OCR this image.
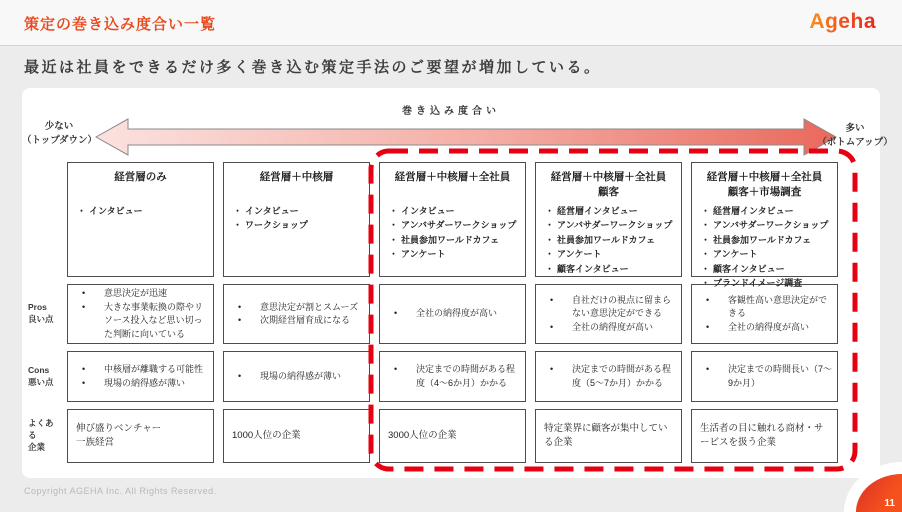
策定の巻き込み度合い一覧	Ageha
最近は社員をできるだけ多く巻き込む策定手法のご要望が増加している。
巻き込み度合い
少ない
（トップダウン）
多い
（ボトムアップ）
経営層のみ
・ インタビュー
経営層＋中核層
・ インタビュー
・ ワークショップ
経営層＋中核層＋全社員
・ インタビュー
・ アンバサダーワークショップ
・ 社員参加ワールドカフェ
・ アンケート
経営層＋中核層＋全社員
顧客
・ 経営層インタビュー
・ アンバサダーワークショップ
・ 社員参加ワールドカフェ
・ アンケート
・ 顧客インタビュー
経営層＋中核層＋全社員
顧客＋市場調査
・ 経営層インタビュー
・ アンバサダーワークショップ
・ 社員参加ワールドカフェ
・ アンケート
・ 顧客インタビュー
・ ブランドイメージ調査
Pros
良い点
• 意思決定が迅速
• 大きな事業転換の際やリソース投入など思い切った判断に向いている
• 意思決定が割とスムーズ
• 次期経営層育成になる
• 全社の納得度が高い
• 自社だけの視点に留まらない意思決定ができる
• 全社の納得度が高い
• 客観性高い意思決定ができる
• 全社の納得度が高い
Cons
悪い点
• 中核層が離職する可能性
• 現場の納得感が薄い
• 現場の納得感が薄い
• 決定までの時間がある程度（4～6か月）かかる
• 決定までの時間がある程度（5～7か月）かかる
• 決定までの時間長い（7～9か月）
よくある
企業
伸び盛りベンチャー
一族経営
1000人位の企業	3000人位の企業
特定業界に顧客が集中している企業
生活者の目に触れる商材・サービスを扱う企業
Copyright AGEHA Inc. All Rights Reserved.
11
